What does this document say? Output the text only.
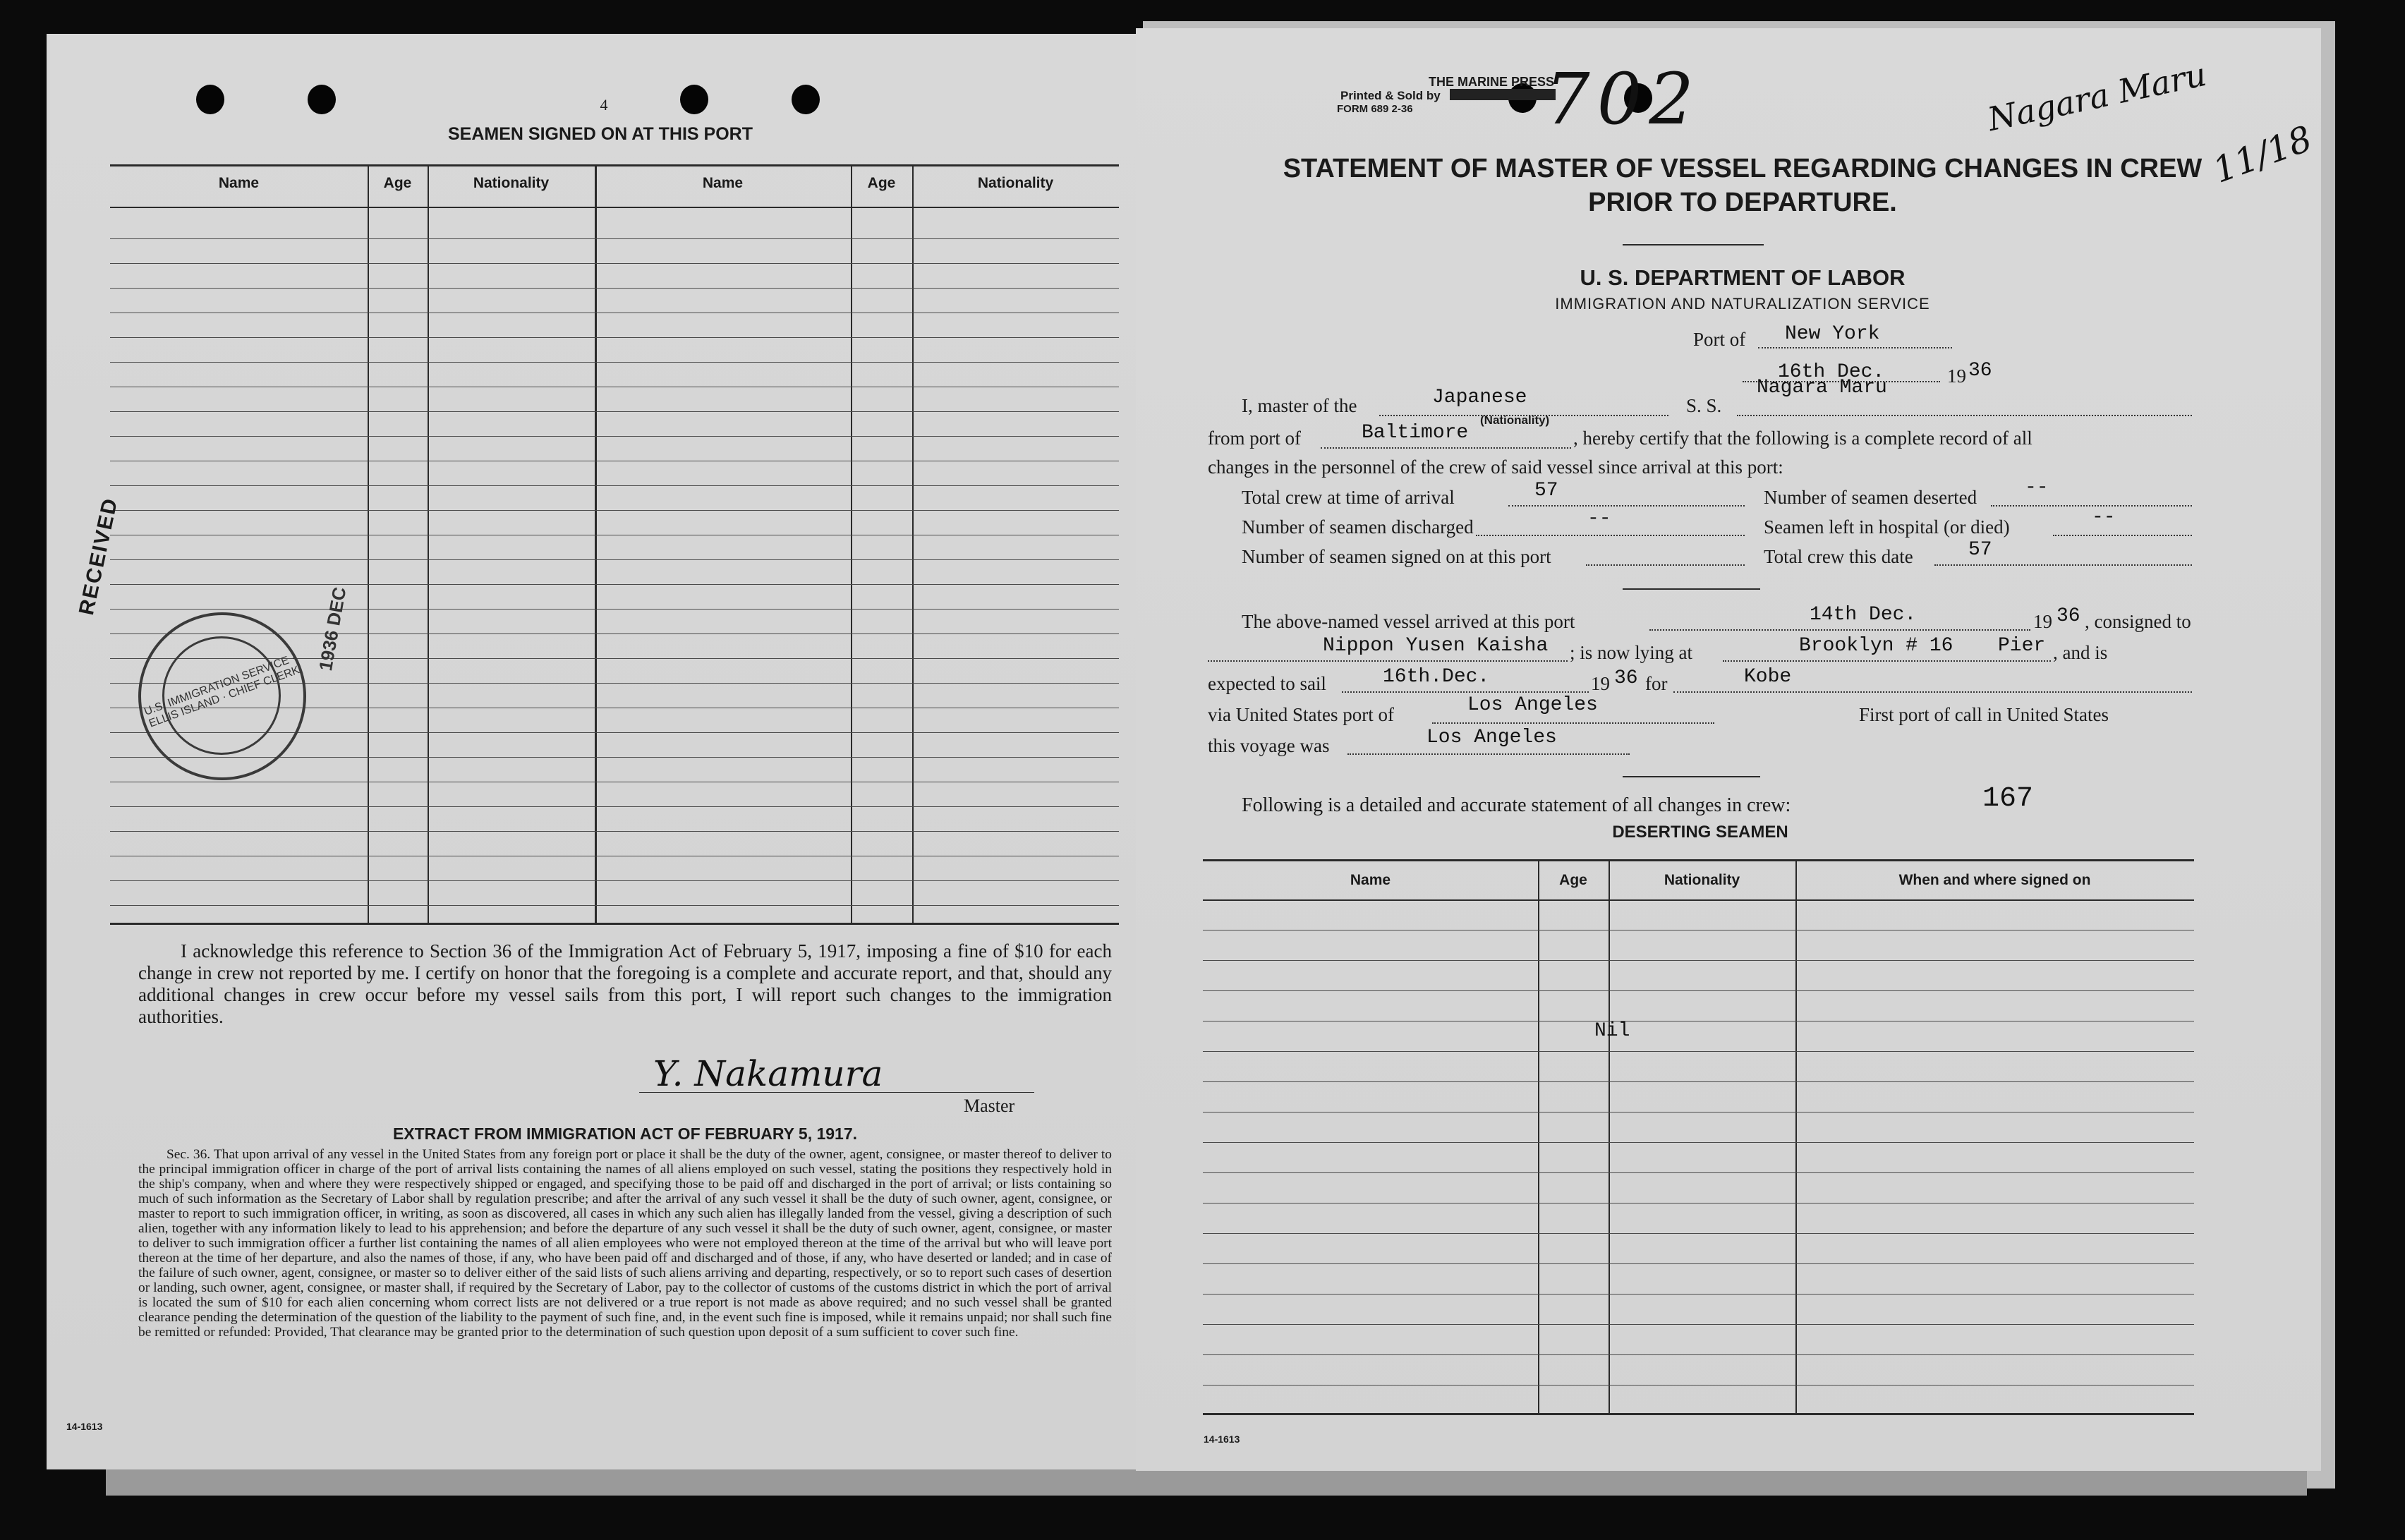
4
SEAMEN SIGNED ON AT THIS PORT
Name	Age	Nationality	Name	Age	Nationality
RECEIVED
U.S. IMMIGRATION SERVICE · ELLIS ISLAND · CHIEF CLERK
1936 DEC
I acknowledge this reference to Section 36 of the Immigration Act of February 5, 1917, imposing a fine of $10 for each change in crew not reported by me. I certify on honor that the foregoing is a complete and accurate report, and that, should any additional changes in crew occur before my vessel sails from this port, I will report such changes to the immigration authorities.
Y. Nakamura
Master
EXTRACT FROM IMMIGRATION ACT OF FEBRUARY 5, 1917.
Sec. 36. That upon arrival of any vessel in the United States from any foreign port or place it shall be the duty of the owner, agent, consignee, or master thereof to deliver to the principal immigration officer in charge of the port of arrival lists containing the names of all aliens employed on such vessel, stating the positions they respectively hold in the ship's company, when and where they were respectively shipped or engaged, and specifying those to be paid off and discharged in the port of arrival; or lists containing so much of such information as the Secretary of Labor shall by regulation prescribe; and after the arrival of any such vessel it shall be the duty of such owner, agent, consignee, or master to report to such immigration officer, in writing, as soon as discovered, all cases in which any such alien has illegally landed from the vessel, giving a description of such alien, together with any information likely to lead to his apprehension; and before the departure of any such vessel it shall be the duty of such owner, agent, consignee, or master to deliver to such immigration officer a further list containing the names of all alien employees who were not employed thereon at the time of the arrival but who will leave port thereon at the time of her departure, and also the names of those, if any, who have been paid off and discharged and of those, if any, who have deserted or landed; and in case of the failure of such owner, agent, consignee, or master so to deliver either of the said lists of such aliens arriving and departing, respectively, or so to report such cases of desertion or landing, such owner, agent, consignee, or master shall, if required by the Secretary of Labor, pay to the collector of customs of the customs district in which the port of arrival is located the sum of $10 for each alien concerning whom correct lists are not delivered or a true report is not made as above required; and no such vessel shall be granted clearance pending the determination of the question of the liability to the payment of such fine, and, in the event such fine is imposed, while it remains unpaid; nor shall such fine be remitted or refunded: Provided, That clearance may be granted prior to the determination of such question upon deposit of a sum sufficient to cover such fine.
14-1613
Printed & Sold by
FORM 689 2-36
THE MARINE PRESS
702	Nagara Maru
11/18
STATEMENT OF MASTER OF VESSEL REGARDING CHANGES IN CREW
PRIOR TO DEPARTURE.
U. S. DEPARTMENT OF LABOR
IMMIGRATION AND NATURALIZATION SERVICE
Port of New York
16th Dec.	19 36
I, master of the	Japanese
(Nationality)
S. S.
Nagara Maru
from port of	Baltimore	, hereby certify that the following is a complete record of all
changes in the personnel of the crew of said vessel since arrival at this port:
Total crew at time of arrival	57	Number of seamen deserted --
Number of seamen discharged	--	Seamen left in hospital (or died)	--
Number of seamen signed on at this port	Total crew this date	57
The above-named vessel arrived at this port	14th Dec.	19 36 , consigned to
Nippon Yusen Kaisha ; is now lying at	Brooklyn # 16 Pier , and is
expected to sail	16th.Dec.	19 36 for	Kobe
via United States port of	Los Angeles	First port of call in United States
this voyage was	Los Angeles
Following is a detailed and accurate statement of all changes in crew:	167
DESERTING SEAMEN
Name	Age	Nationality	When and where signed on
Nil
14-1613
